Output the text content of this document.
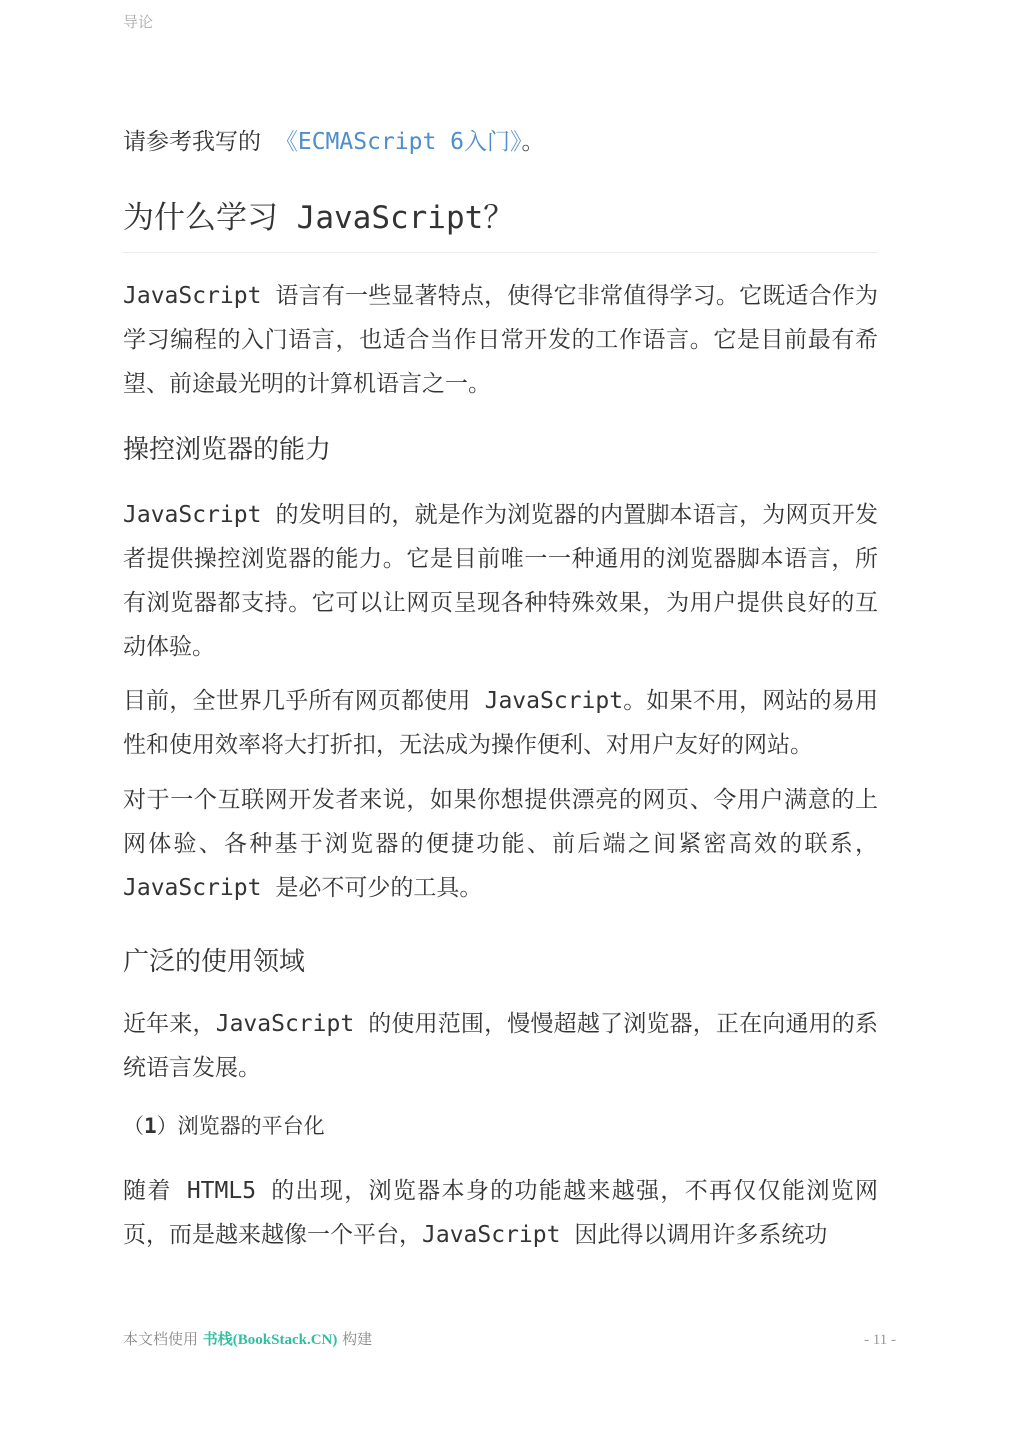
导论

请参考我写的 《ECMAScript 6入门》。

为什么学习 JavaScript？

JavaScript 语言有一些显著特点，使得它非常值得学习。它既适合作为学习编程的入门语言，也适合当作日常开发的工作语言。它是目前最有希望、前途最光明的计算机语言之一。

操控浏览器的能力

JavaScript 的发明目的，就是作为浏览器的内置脚本语言，为网页开发者提供操控浏览器的能力。它是目前唯一一种通用的浏览器脚本语言，所有浏览器都支持。它可以让网页呈现各种特殊效果，为用户提供良好的互动体验。

目前，全世界几乎所有网页都使用 JavaScript。如果不用，网站的易用性和使用效率将大打折扣，无法成为操作便利、对用户友好的网站。

对于一个互联网开发者来说，如果你想提供漂亮的网页、令用户满意的上网体验、各种基于浏览器的便捷功能、前后端之间紧密高效的联系，JavaScript 是必不可少的工具。

广泛的使用领域

近年来，JavaScript 的使用范围，慢慢超越了浏览器，正在向通用的系统语言发展。

（1）浏览器的平台化

随着 HTML5 的出现，浏览器本身的功能越来越强，不再仅仅能浏览网页，而是越来越像一个平台，JavaScript 因此得以调用许多系统功

本文档使用 书栈(BookStack.CN) 构建	- 11 -
